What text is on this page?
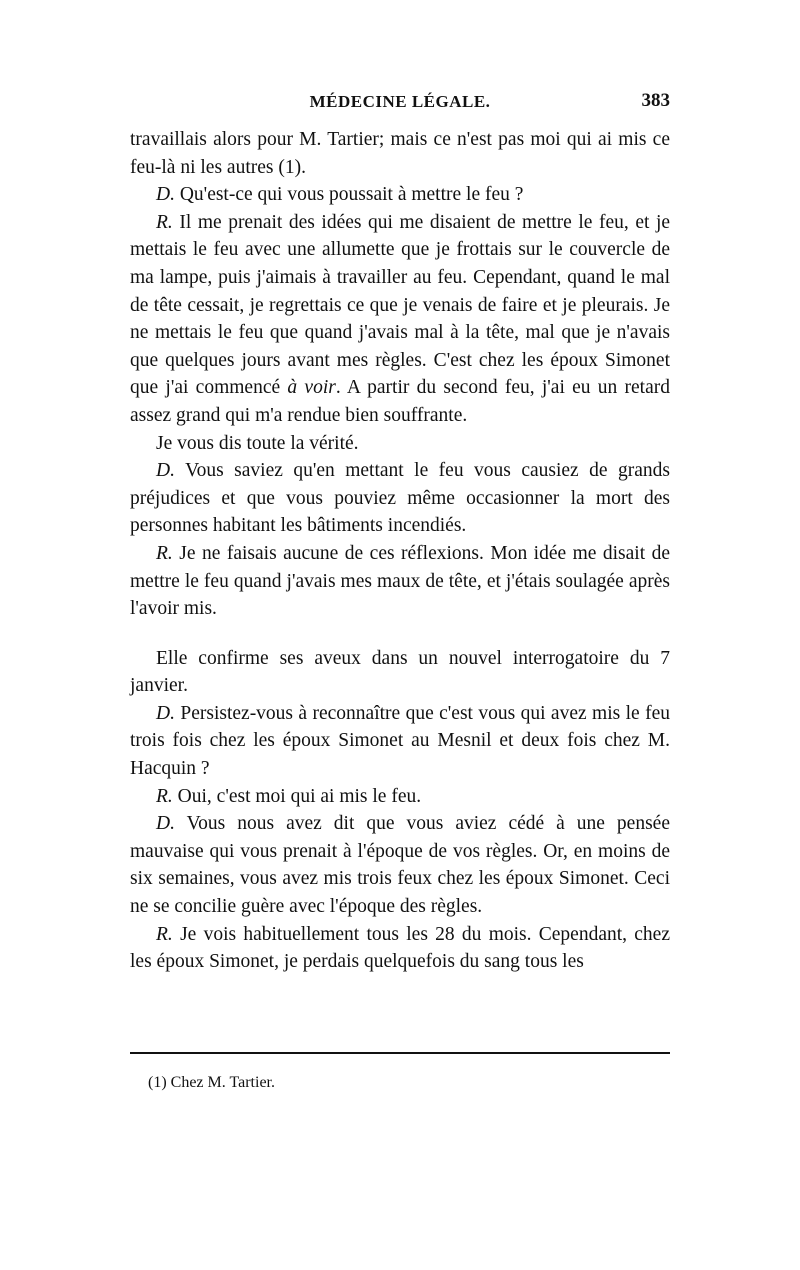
MÉDECINE LÉGALE.	383

travaillais alors pour M. Tartier; mais ce n'est pas moi qui ai mis ce feu-là ni les autres (1).

D. Qu'est-ce qui vous poussait à mettre le feu ?

R. Il me prenait des idées qui me disaient de mettre le feu, et je mettais le feu avec une allumette que je frottais sur le couvercle de ma lampe, puis j'aimais à travailler au feu. Cependant, quand le mal de tête cessait, je regrettais ce que je venais de faire et je pleurais. Je ne mettais le feu que quand j'avais mal à la tête, mal que je n'avais que quelques jours avant mes règles. C'est chez les époux Simonet que j'ai commencé à voir. A partir du second feu, j'ai eu un retard assez grand qui m'a rendue bien souffrante.

Je vous dis toute la vérité.

D. Vous saviez qu'en mettant le feu vous causiez de grands préjudices et que vous pouviez même occasionner la mort des personnes habitant les bâtiments incendiés.

R. Je ne faisais aucune de ces réflexions. Mon idée me disait de mettre le feu quand j'avais mes maux de tête, et j'étais soulagée après l'avoir mis.

Elle confirme ses aveux dans un nouvel interrogatoire du 7 janvier.

D. Persistez-vous à reconnaître que c'est vous qui avez mis le feu trois fois chez les époux Simonet au Mesnil et deux fois chez M. Hacquin ?

R. Oui, c'est moi qui ai mis le feu.

D. Vous nous avez dit que vous aviez cédé à une pensée mauvaise qui vous prenait à l'époque de vos règles. Or, en moins de six semaines, vous avez mis trois feux chez les époux Simonet. Ceci ne se concilie guère avec l'époque des règles.

R. Je vois habituellement tous les 28 du mois. Cependant, chez les époux Simonet, je perdais quelquefois du sang tous les

(1) Chez M. Tartier.
